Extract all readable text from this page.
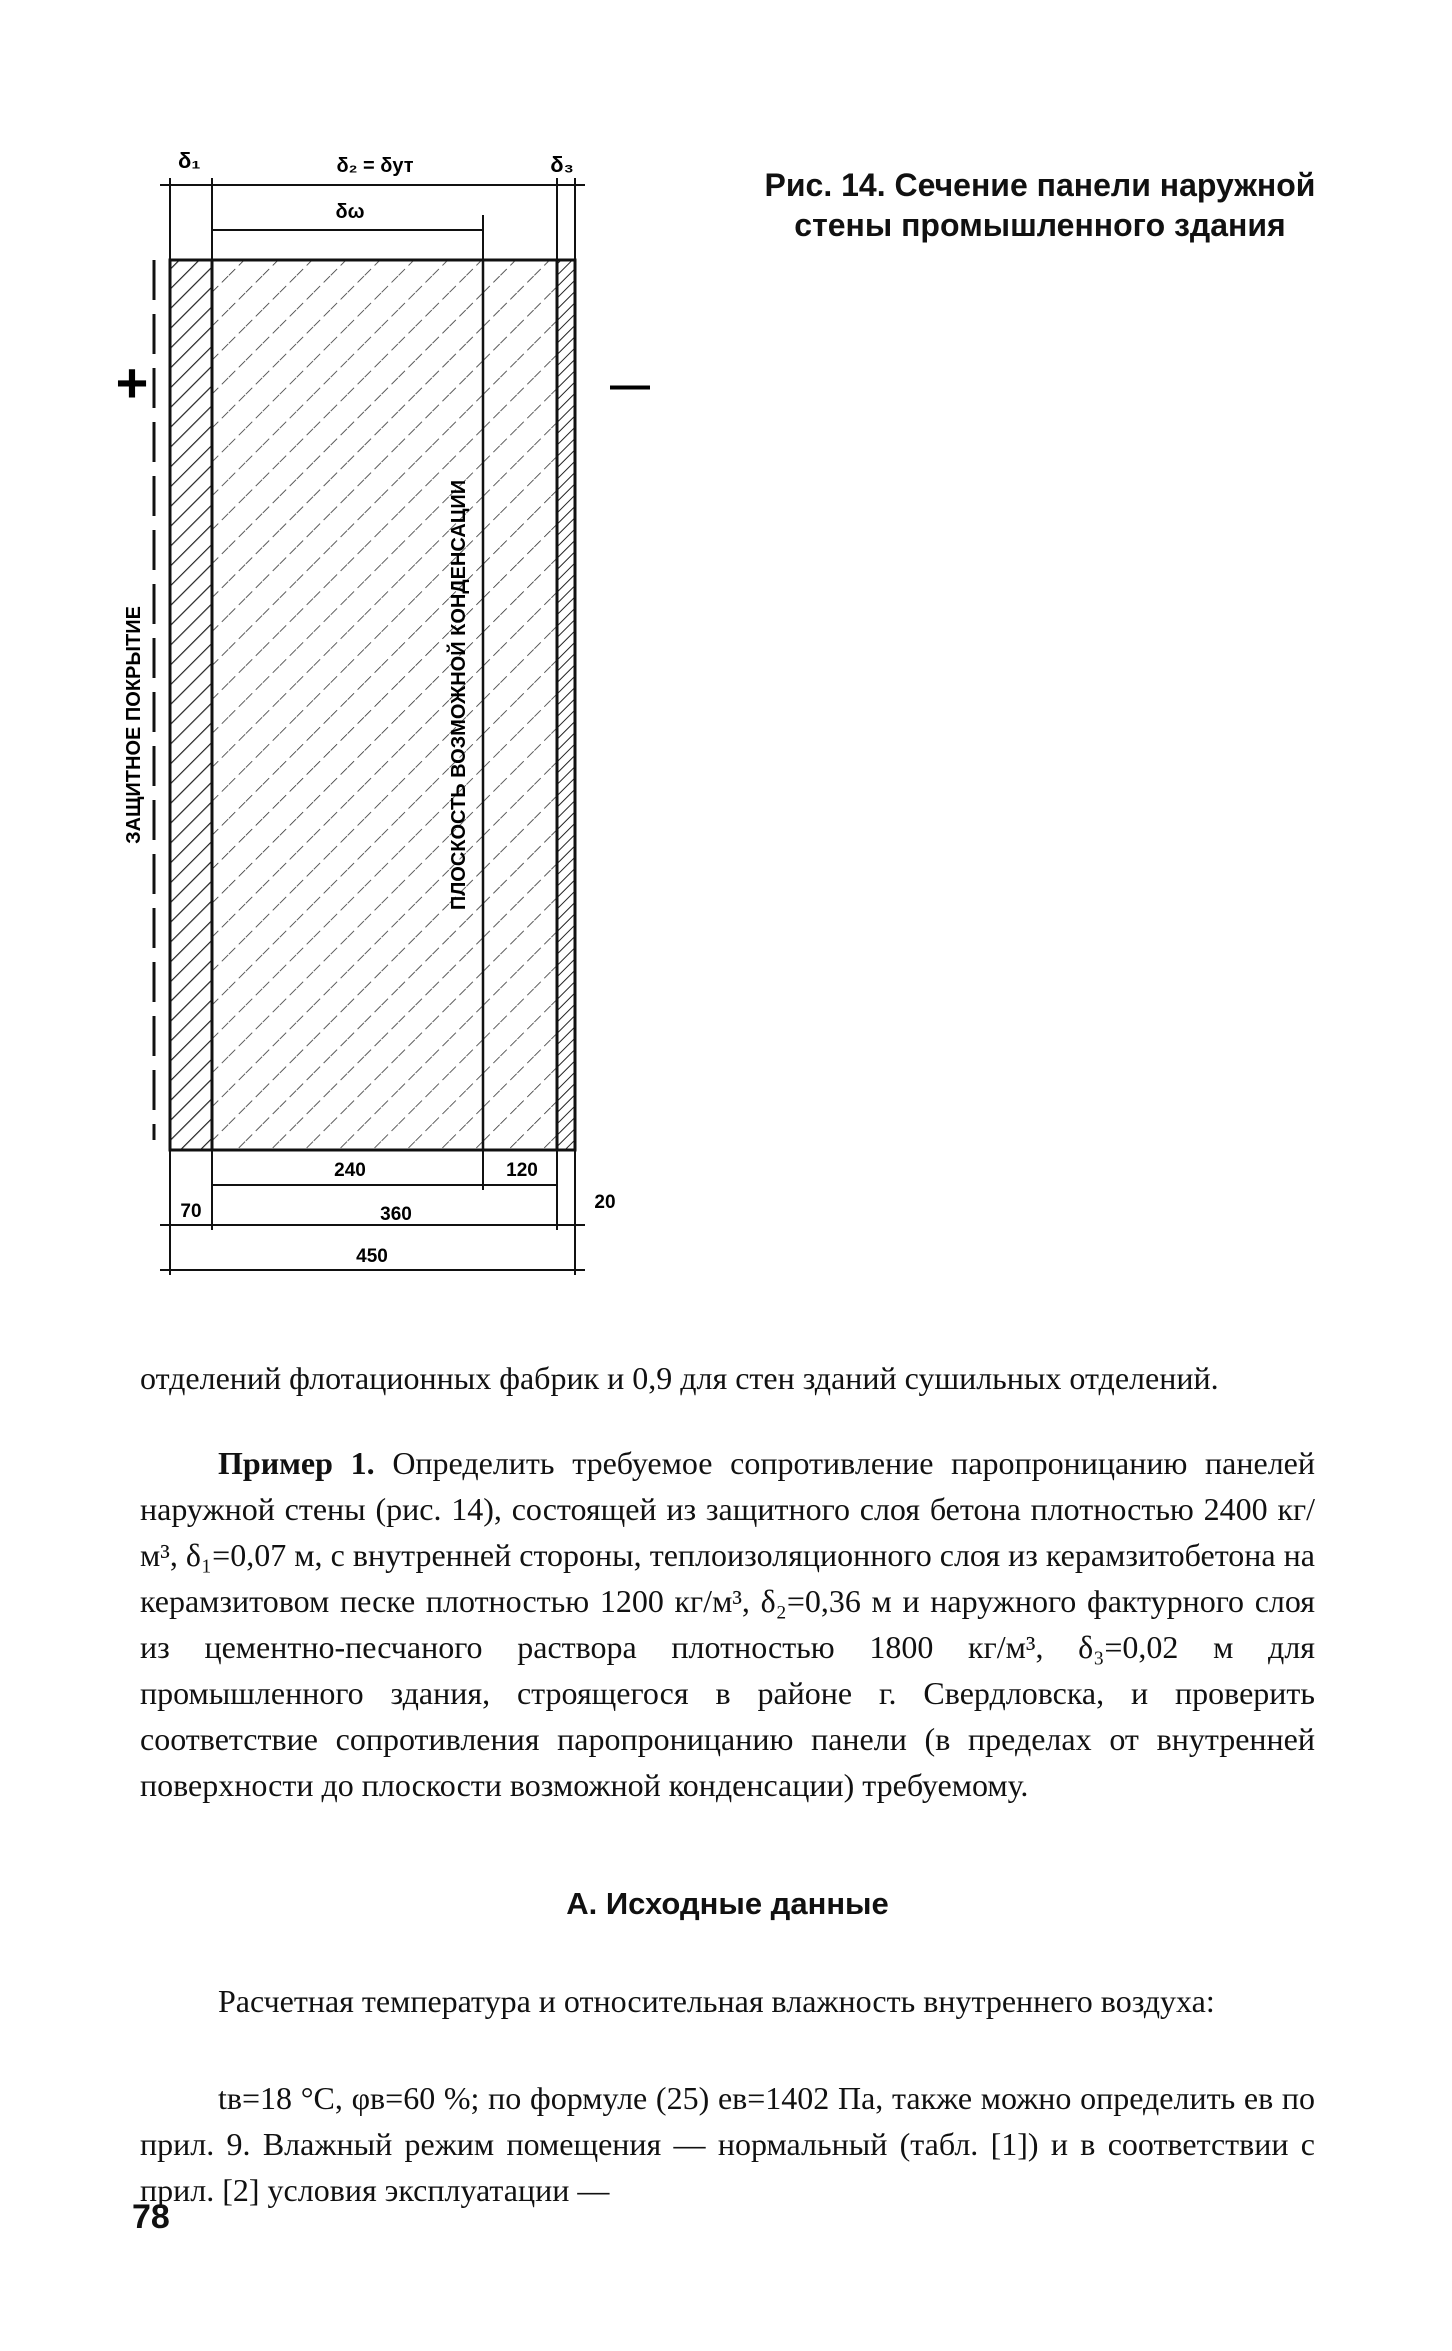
δ₁	δ₂ = δут	δ₃
δω
+	—
ЗАЩИТНОЕ ПОКРЫТИЕ	ПЛОСКОСТЬ ВОЗМОЖНОЙ КОНДЕНСАЦИИ
240	120
70	360
20
450
Рис. 14. Сечение панели наружной
стены промышленного здания
отделений флотационных фабрик и 0,9 для стен зданий сушильных отделений.
Пример 1. Определить требуемое сопротивление паропроницанию панелей наружной стены (рис. 14), состоящей из защитного слоя бетона плотностью 2400 кг/м³, δ₁=0,07 м, с внутренней стороны, теплоизоляционного слоя из керамзитобетона на керамзитовом песке плотностью 1200 кг/м³, δ₂=0,36 м и наружного фактурного слоя из цементно-песчаного раствора плотностью 1800 кг/м³, δ₃=0,02 м для промышленного здания, строящегося в районе г. Свердловска, и проверить соответствие сопротивления паропроницанию панели (в пределах от внутренней поверхности до плоскости возможной конденсации) требуемому.
А. Исходные данные
Расчетная температура и относительная влажность внутреннего воздуха:
tв=18 °С, φв=60 %; по формуле (25) eв=1402 Па, также можно определить eв по прил. 9. Влажный режим помещения — нормальный (табл. [1]) и в соответствии с прил. [2] условия эксплуатации —
78
